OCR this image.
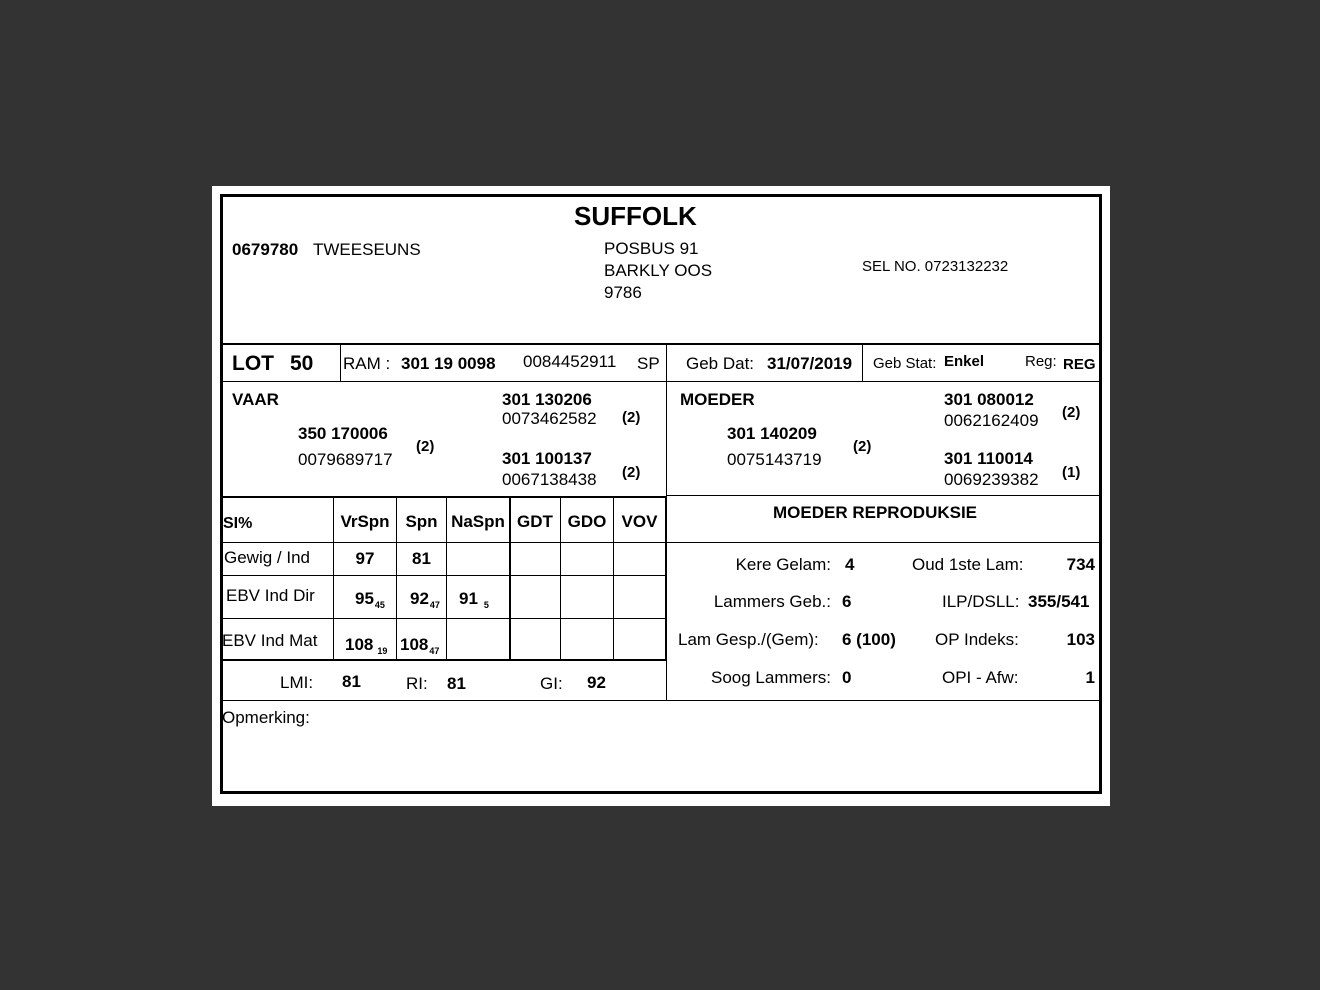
SUFFOLK
0679780 TWEESEUNS	POSBUS 91
BARKLY OOS
9786
SEL NO. 0723132232
LOT 50 RAM : 301 19 0098 0084452911 SP Geb Dat: 31/07/2019 Geb Stat: Enkel	Reg: REG
VAAR
350 170006
0079689717
(2)
301 130206
0073462582 (2)
301 100137
0067138438 (2)
MOEDER
301 140209
0075143719
(2)
301 080012
0062162409 (2)
301 110014
0069239382 (1)
SI%	VrSpn Spn NaSpn GDT GDO VOV
Gewig / Ind	97	81
EBV Ind Dir $95_{45}$ $92_{47}$ 91 $_5$
EBV Ind Mat 108 $_{19}$ $108_{47}$
LMI: 81	RI: 81	GI: 92
MOEDER REPRODUKSIE
Kere Gelam: 4	Oud 1ste Lam:	734
Lammers Geb.: 6	ILP/DSLL: 355/541
Lam Gesp./(Gem): 6 (100) OP Indeks:	103
Soog Lammers: 0	OPI - Afw:	1
Opmerking:
